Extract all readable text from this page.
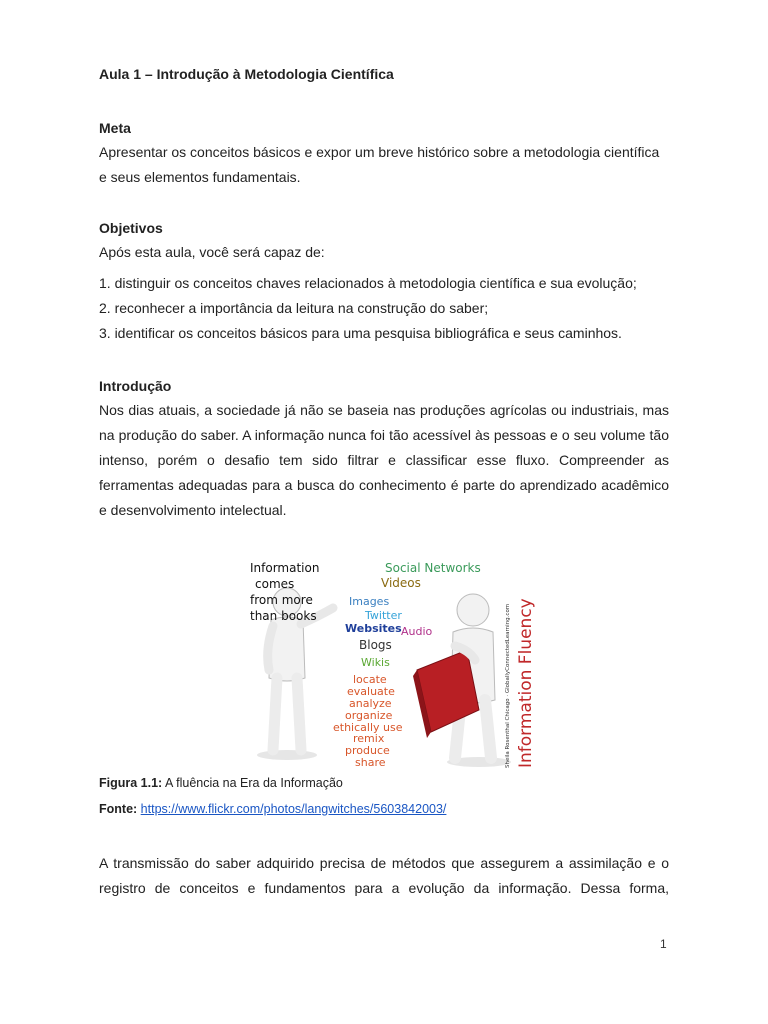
Aula 1 – Introdução à Metodologia Científica
Meta
Apresentar os conceitos básicos e expor um breve histórico sobre a metodologia científica
e seus elementos fundamentais.
Objetivos
Após esta aula, você será capaz de:
1. distinguir os conceitos chaves relacionados à metodologia científica e sua evolução;
2. reconhecer a importância da leitura na construção do saber;
3. identificar os conceitos básicos para uma pesquisa bibliográfica e seus caminhos.
Introdução
Nos dias atuais, a sociedade já não se baseia nas produções agrícolas ou industriais, mas na produção do saber. A informação nunca foi tão acessível às pessoas e o seu volume tão intenso, porém o desafio tem sido filtrar e classificar esse fluxo. Compreender as ferramentas adequadas para a busca do conhecimento é parte do aprendizado acadêmico e desenvolvimento intelectual.
Information
comes
from more
than books
Social Networks
Videos
Images
Twitter
Websites Audio
Blogs
Wikis
locate
evaluate
analyze
organize
ethically use
remix
produce
share	Information Fluency
Sheila Rosenthal Chicago · GloballyConnectedLearning.com
Figura 1.1: A fluência na Era da Informação
Fonte: https://www.flickr.com/photos/langwitches/5603842003/
A transmissão do saber adquirido precisa de métodos que assegurem a assimilação e o
registro de conceitos e fundamentos para a evolução da informação. Dessa forma,
1
